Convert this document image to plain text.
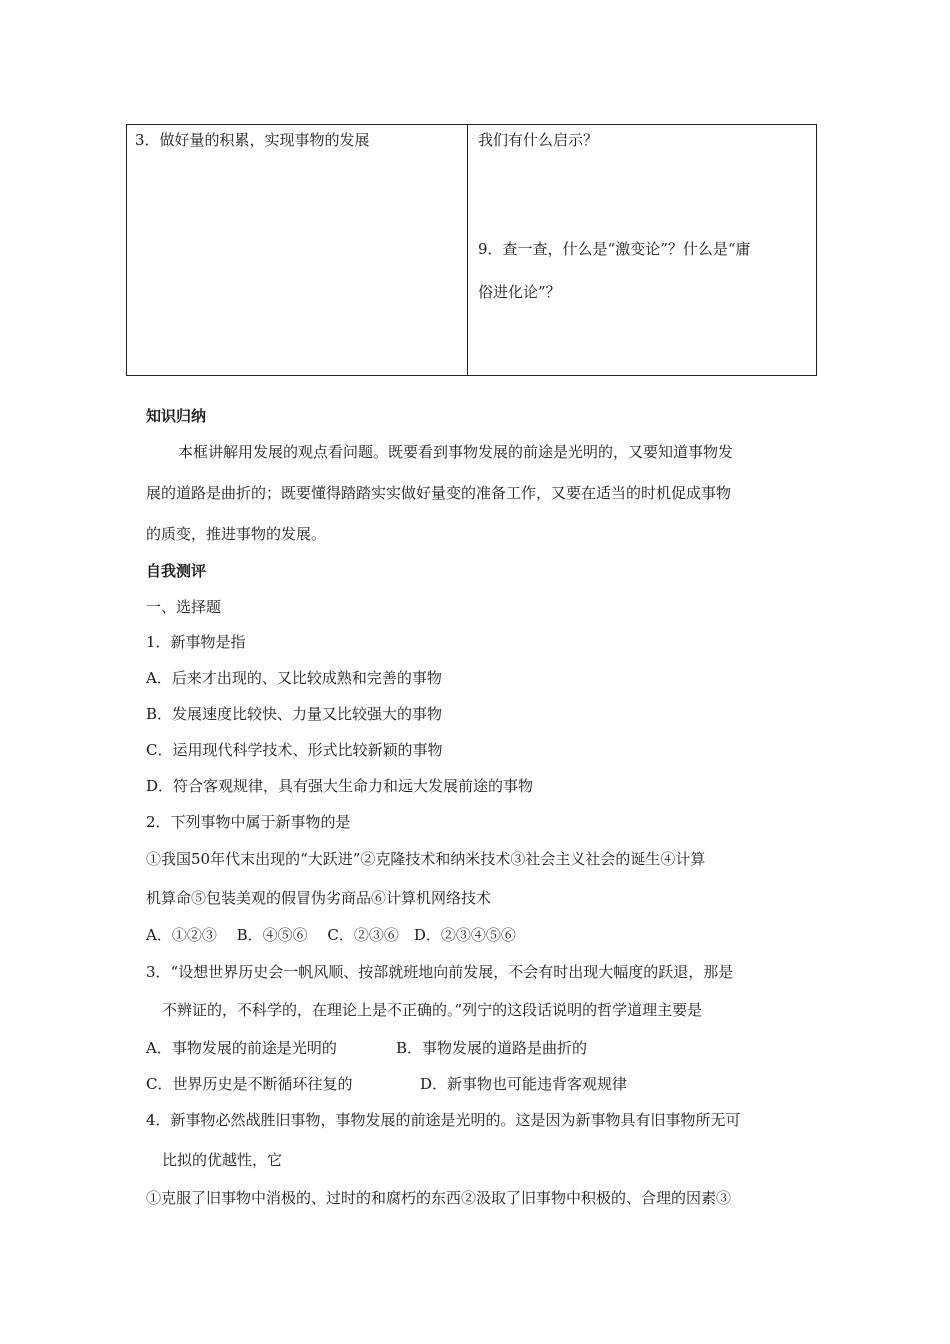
3．做好量的积累，实现事物的发展	我们有什么启示？
9．查一查，什么是“激变论”？什么是“庸
俗进化论”？
知识归纳
本框讲解用发展的观点看问题。既要看到事物发展的前途是光明的，又要知道事物发
展的道路是曲折的；既要懂得踏踏实实做好量变的准备工作，又要在适当的时机促成事物
的质变，推进事物的发展。
自我测评
一、选择题
1．新事物是指
A．后来才出现的、又比较成熟和完善的事物
B．发展速度比较快、力量又比较强大的事物
C．运用现代科学技术、形式比较新颖的事物
D．符合客观规律，具有强大生命力和远大发展前途的事物
2．下列事物中属于新事物的是
①我国50年代末出现的“大跃进”②克隆技术和纳米技术③社会主义社会的诞生④计算
机算命⑤包装美观的假冒伪劣商品⑥计算机网络技术
A．①②③　 B．④⑤⑥　 C．②③⑥　D．②③④⑤⑥
3．“设想世界历史会一帆风顺、按部就班地向前发展，不会有时出现大幅度的跃退，那是
不辨证的，不科学的，在理论上是不正确的。”列宁的这段话说明的哲学道理主要是
A．事物发展的前途是光明的	B．事物发展的道路是曲折的
C．世界历史是不断循环往复的	D．新事物也可能违背客观规律
4．新事物必然战胜旧事物，事物发展的前途是光明的。这是因为新事物具有旧事物所无可
比拟的优越性，它
①克服了旧事物中消极的、过时的和腐朽的东西②汲取了旧事物中积极的、合理的因素③
